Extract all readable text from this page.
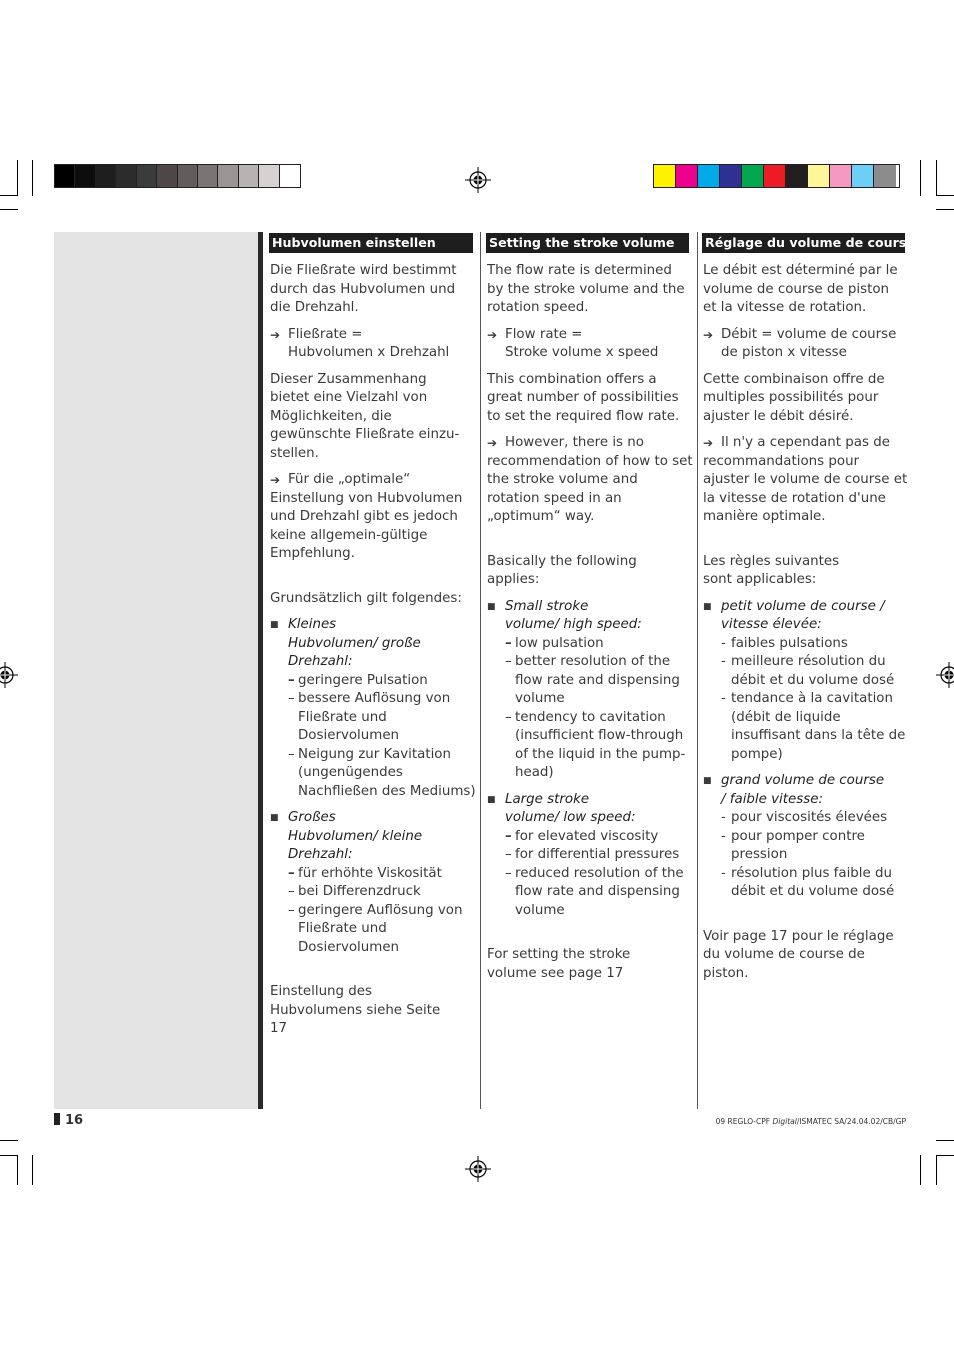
Hubvolumen einstellen

Die Fließrate wird bestimmt durch das Hubvolumen und die Drehzahl.

➔ Fließrate =
Hubvolumen x Drehzahl

Dieser Zusammenhang bietet eine Vielzahl von Möglichkeiten, die gewünschte Fließrate einzu-stellen.

➔ Für die „optimale“ Einstellung von Hubvolumen und Drehzahl gibt es jedoch keine allgemein-gültige Empfehlung.

Grundsätzlich gilt folgendes:

■ Kleines Hubvolumen/ große Drehzahl:
– geringere Pulsation
– bessere Auflösung von Fließrate und Dosiervolumen
– Neigung zur Kavitation (ungenügendes Nachfließen des Mediums)
■ Großes Hubvolumen/ kleine Drehzahl:
– für erhöhte Viskosität
– bei Differenzdruck
– geringere Auflösung von Fließrate und Dosiervolumen

Einstellung des Hubvolumens siehe Seite 17

Setting the stroke volume

The flow rate is determined by the stroke volume and the rotation speed.

➔ Flow rate =
Stroke volume x speed

This combination offers a great number of possibilities to set the required flow rate.

➔ However, there is no recommendation of how to set the stroke volume and rotation speed in an „optimum“ way.

Basically the following applies:

■ Small stroke volume/ high speed:
– low pulsation
– better resolution of the flow rate and dispensing volume
– tendency to cavitation (insufficient flow-through of the liquid in the pump-head)
■ Large stroke volume/ low speed:
– for elevated viscosity
– for differential pressures
– reduced resolution of the flow rate and dispensing volume

For setting the stroke volume see page 17

Réglage du volume de course

Le débit est déterminé par le volume de course de piston et la vitesse de rotation.

➔ Débit = volume de course
de piston x vitesse

Cette combinaison offre de multiples possibilités pour ajuster le débit désiré.

➔ Il n'y a cependant pas de recommandations pour ajuster le volume de course et la vitesse de rotation d'une manière optimale.

Les règles suivantes sont applicables:

■ petit volume de course / vitesse élevée:
- faibles pulsations
- meilleure résolution du débit et du volume dosé
- tendance à la cavitation (débit de liquide insuffisant dans la tête de pompe)
■ grand volume de course / faible vitesse:
- pour viscosités élevées
- pour pomper contre pression
- résolution plus faible du débit et du volume dosé

Voir page 17 pour le réglage du volume de course de piston.

16	09 REGLO-CPF Digital/ISMATEC SA/24.04.02/CB/GP
